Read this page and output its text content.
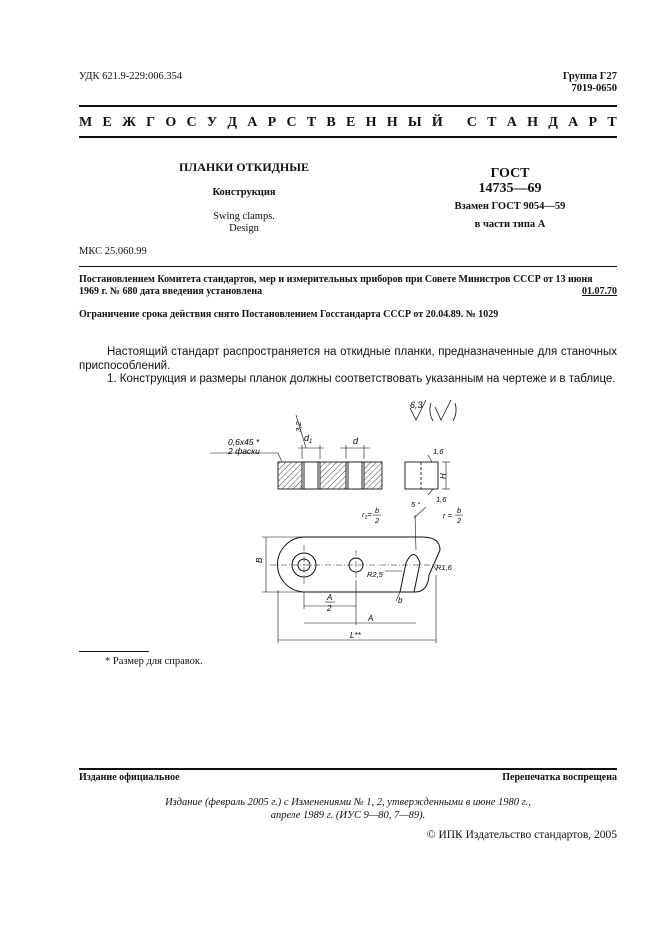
УДК 621.9-229:006.354	Группа Г27
7019-0650
М Е Ж Г О С У Д А Р С Т В Е Н Н Ы Й
С Т А Н Д А Р Т
ПЛАНКИ ОТКИДНЫЕ
Конструкция
Swing clamps.
Design
ГОСТ
14735—69
Взамен ГОСТ 9054—59
в части типа А
МКС 25.060.99
Постановлением Комитета стандартов, мер и измерительных приборов при Совете Министров СССР от 13 июня
1969 г. № 680 дата введения установлена	01.07.70
Ограничение срока действия снято Постановлением Госстандарта СССР от 20.04.89. № 1029

Настоящий стандарт распространяется на откидные планки, предназначенные для станочных приспособлений.

1. Конструкция и размеры планок должны соответствовать указанным на чертеже и в таблице.

6,3
0,6х45 *
2 фаски
$d_1$	d
1,6
H
1,6
3,2
B
R2,5
R1,6
b
A
2
A
L**
5 °
$r_1= b$
2
r =
b
2
* Размер для справок.
Издание официальное	Перепечатка воспрещена
Издание (февраль 2005 г.) с Изменениями № 1, 2, утвержденными в июне 1980 г.,
апреле 1989 г. (ИУС 9—80, 7—89).
© ИПК Издательство стандартов, 2005
